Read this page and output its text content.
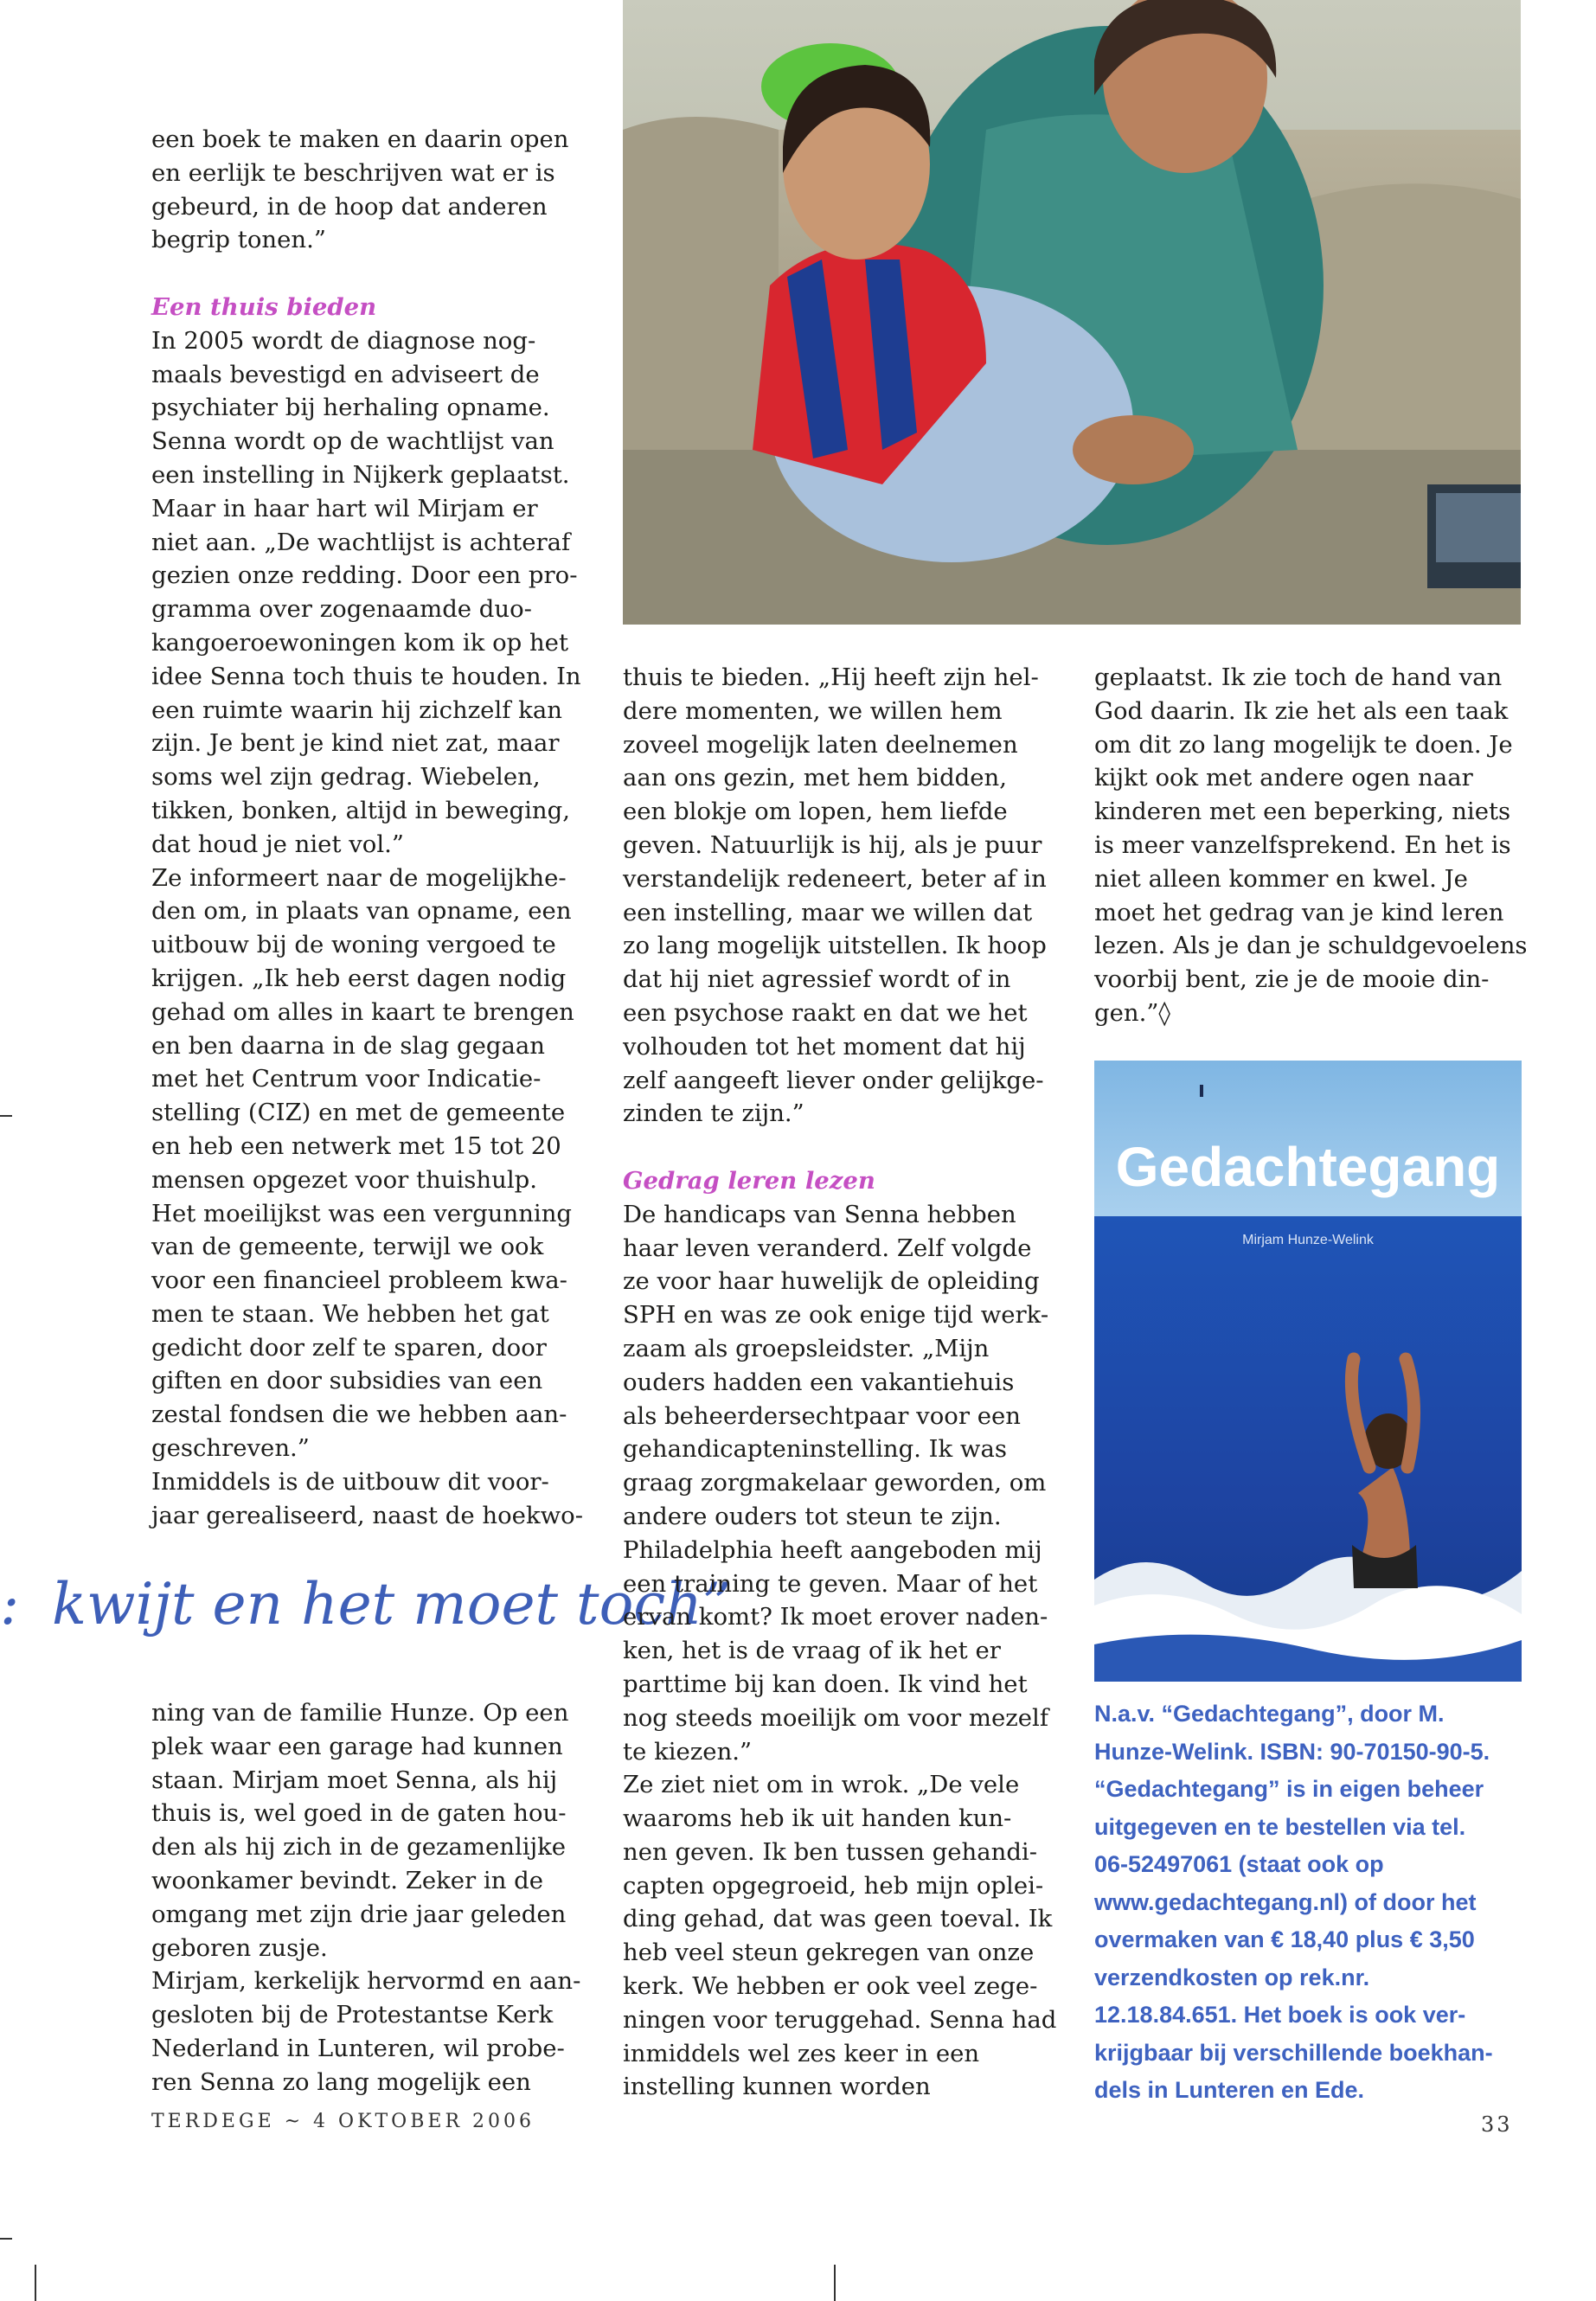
een boek te maken en daarin open

en eerlijk te beschrijven wat er is

gebeurd, in de hoop dat anderen

begrip tonen.”

Een thuis bieden

In 2005 wordt de diagnose nog-

maals bevestigd en adviseert de

psychiater bij herhaling opname.

Senna wordt op de wachtlijst van

een instelling in Nijkerk geplaatst.

Maar in haar hart wil Mirjam er

niet aan. „De wachtlijst is achteraf

gezien onze redding. Door een pro-

gramma over zogenaamde duo-

kangoeroewoningen kom ik op het

idee Senna toch thuis te houden. In

een ruimte waarin hij zichzelf kan

zijn. Je bent je kind niet zat, maar

soms wel zijn gedrag. Wiebelen,

tikken, bonken, altijd in beweging,

dat houd je niet vol.”

Ze informeert naar de mogelijkhe-

den om, in plaats van opname, een

uitbouw bij de woning vergoed te

krijgen. „Ik heb eerst dagen nodig

gehad om alles in kaart te brengen

en ben daarna in de slag gegaan

met het Centrum voor Indicatie-

stelling (CIZ) en met de gemeente

en heb een netwerk met 15 tot 20

mensen opgezet voor thuishulp.

Het moeilijkst was een vergunning

van de gemeente, terwijl we ook

voor een financieel probleem kwa-

men te staan. We hebben het gat

gedicht door zelf te sparen, door

giften en door subsidies van een

zestal fondsen die we hebben aan-

geschreven.”

Inmiddels is de uitbouw dit voor-

jaar gerealiseerd, naast de hoekwo-

: kwijt en het moet toch”

ning van de familie Hunze. Op een

plek waar een garage had kunnen

staan. Mirjam moet Senna, als hij

thuis is, wel goed in de gaten hou-

den als hij zich in de gezamenlijke

woonkamer bevindt. Zeker in de

omgang met zijn drie jaar geleden

geboren zusje.

Mirjam, kerkelijk hervormd en aan-

gesloten bij de Protestantse Kerk

Nederland in Lunteren, wil probe-

ren Senna zo lang mogelijk een

thuis te bieden. „Hij heeft zijn hel-

dere momenten, we willen hem

zoveel mogelijk laten deelnemen

aan ons gezin, met hem bidden,

een blokje om lopen, hem liefde

geven. Natuurlijk is hij, als je puur

verstandelijk redeneert, beter af in

een instelling, maar we willen dat

zo lang mogelijk uitstellen. Ik hoop

dat hij niet agressief wordt of in

een psychose raakt en dat we het

volhouden tot het moment dat hij

zelf aangeeft liever onder gelijkge-

zinden te zijn.”

Gedrag leren lezen

De handicaps van Senna hebben

haar leven veranderd. Zelf volgde

ze voor haar huwelijk de opleiding

SPH en was ze ook enige tijd werk-

zaam als groepsleidster. „Mijn

ouders hadden een vakantiehuis

als beheerdersechtpaar voor een

gehandicapteninstelling. Ik was

graag zorgmakelaar geworden, om

andere ouders tot steun te zijn.

Philadelphia heeft aangeboden mij

een training te geven. Maar of het

ervan komt? Ik moet erover naden-

ken, het is de vraag of ik het er

parttime bij kan doen. Ik vind het

nog steeds moeilijk om voor mezelf

te kiezen.”

Ze ziet niet om in wrok. „De vele

waaroms heb ik uit handen kun-

nen geven. Ik ben tussen gehandi-

capten opgegroeid, heb mijn oplei-

ding gehad, dat was geen toeval. Ik

heb veel steun gekregen van onze

kerk. We hebben er ook veel zege-

ningen voor teruggehad. Senna had

inmiddels wel zes keer in een

instelling kunnen worden

geplaatst. Ik zie toch de hand van

God daarin. Ik zie het als een taak

om dit zo lang mogelijk te doen. Je

kijkt ook met andere ogen naar

kinderen met een beperking, niets

is meer vanzelfsprekend. En het is

niet alleen kommer en kwel. Je

moet het gedrag van je kind leren

lezen. Als je dan je schuldgevoelens

voorbij bent, zie je de mooie din-

gen.”◊

Gedachtegang
Mirjam Hunze-Welink

N.a.v. “Gedachtegang”, door M.

Hunze-Welink. ISBN: 90-70150-90-5.

“Gedachtegang” is in eigen beheer

uitgegeven en te bestellen via tel.

06-52497061 (staat ook op

www.gedachtegang.nl) of door het

overmaken van € 18,40 plus € 3,50

verzendkosten op rek.nr.

12.18.84.651. Het boek is ook ver-

krijgbaar bij verschillende boekhan-

dels in Lunteren en Ede.

TERDEGE ~ 4 OKTOBER 2006	33
